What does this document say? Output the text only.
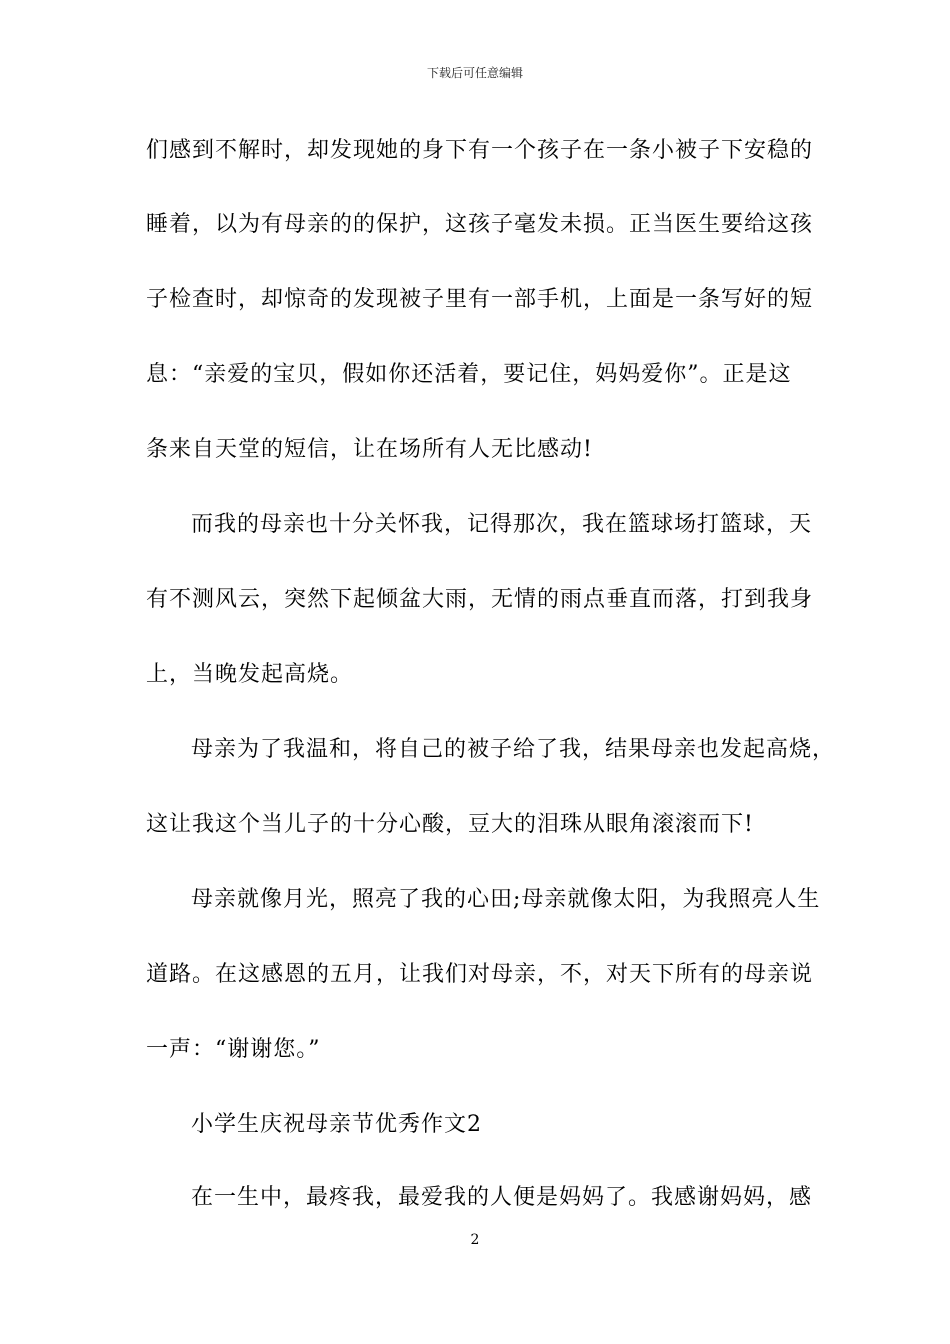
下载后可任意编辑
们感到不解时，却发现她的身下有一个孩子在一条小被子下安稳的
睡着，以为有母亲的的保护，这孩子毫发未损。正当医生要给这孩
子检查时，却惊奇的发现被子里有一部手机，上面是一条写好的短
息：“亲爱的宝贝，假如你还活着，要记住，妈妈爱你”。正是这
条来自天堂的短信，让在场所有人无比感动!
而我的母亲也十分关怀我，记得那次，我在篮球场打篮球，天
有不测风云，突然下起倾盆大雨，无情的雨点垂直而落，打到我身
上，当晚发起高烧。
母亲为了我温和，将自己的被子给了我，结果母亲也发起高烧，
这让我这个当儿子的十分心酸，豆大的泪珠从眼角滚滚而下!
母亲就像月光，照亮了我的心田;母亲就像太阳，为我照亮人生
道路。在这感恩的五月，让我们对母亲，不，对天下所有的母亲说
一声：“谢谢您。”
小学生庆祝母亲节优秀作文2
在一生中，最疼我，最爱我的人便是妈妈了。我感谢妈妈，感
2
